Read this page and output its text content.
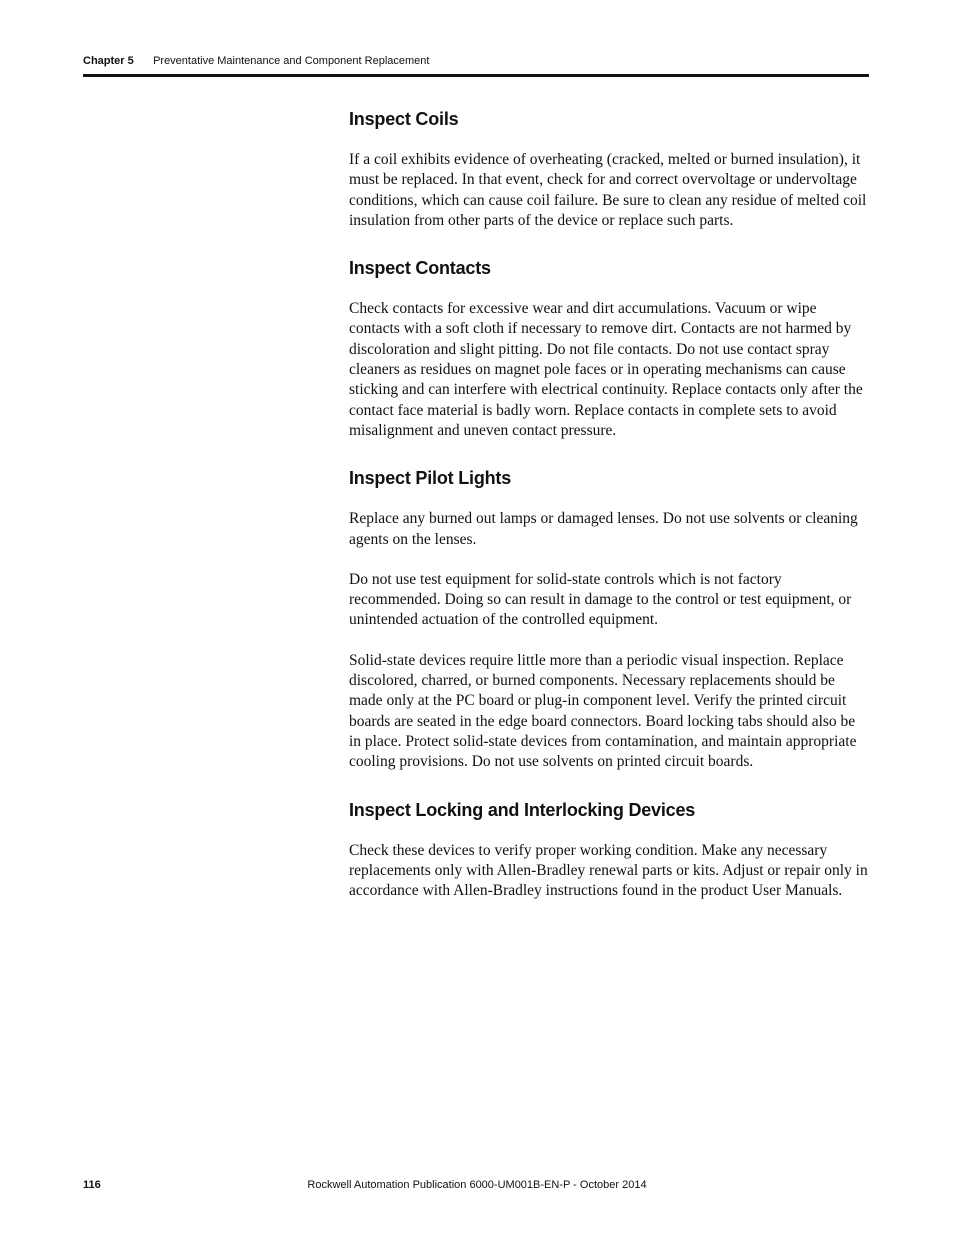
Chapter 5 Preventative Maintenance and Component Replacement
Inspect Coils

If a coil exhibits evidence of overheating (cracked, melted or burned insulation), it must be replaced. In that event, check for and correct overvoltage or undervoltage conditions, which can cause coil failure. Be sure to clean any residue of melted coil insulation from other parts of the device or replace such parts.

Inspect Contacts

Check contacts for excessive wear and dirt accumulations. Vacuum or wipe contacts with a soft cloth if necessary to remove dirt. Contacts are not harmed by discoloration and slight pitting. Do not file contacts. Do not use contact spray cleaners as residues on magnet pole faces or in operating mechanisms can cause sticking and can interfere with electrical continuity. Replace contacts only after the contact face material is badly worn. Replace contacts in complete sets to avoid misalignment and uneven contact pressure.

Inspect Pilot Lights

Replace any burned out lamps or damaged lenses. Do not use solvents or cleaning agents on the lenses.

Do not use test equipment for solid-state controls which is not factory recommended. Doing so can result in damage to the control or test equipment, or unintended actuation of the controlled equipment.

Solid-state devices require little more than a periodic visual inspection. Replace discolored, charred, or burned components. Necessary replacements should be made only at the PC board or plug-in component level. Verify the printed circuit boards are seated in the edge board connectors. Board locking tabs should also be in place. Protect solid-state devices from contamination, and maintain appropriate cooling provisions. Do not use solvents on printed circuit boards.

Inspect Locking and Interlocking Devices

Check these devices to verify proper working condition. Make any necessary replacements only with Allen-Bradley renewal parts or kits. Adjust or repair only in accordance with Allen-Bradley instructions found in the product User Manuals.

116	Rockwell Automation Publication 6000-UM001B-EN-P - October 2014
